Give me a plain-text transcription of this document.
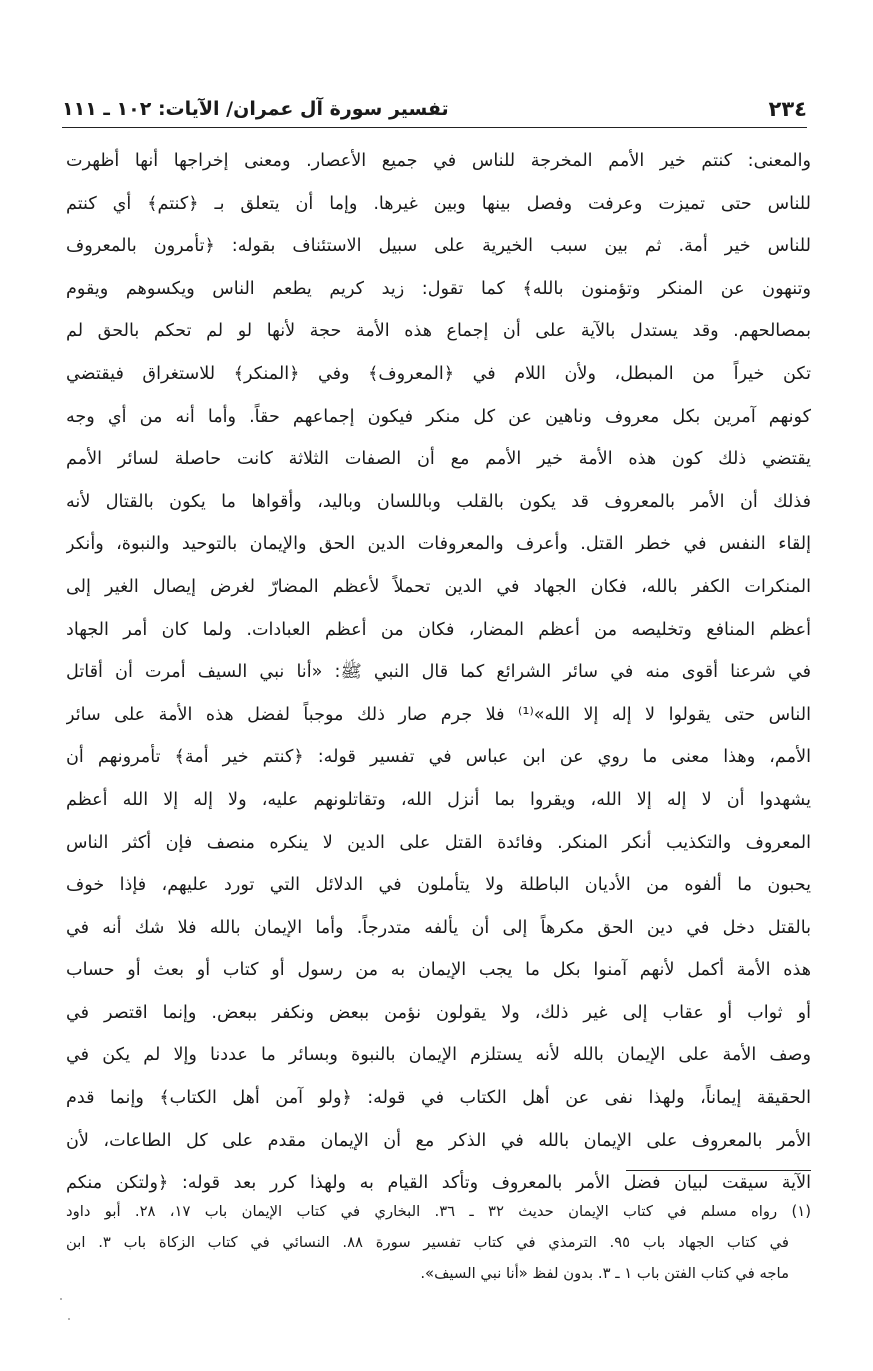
٢٣٤
تفسير سورة آل عمران/ الآيات: ١٠٢ ـ ١١١
والمعنى: كنتم خير الأمم المخرجة للناس في جميع الأعصار. ومعنى إخراجها أنها أظهرت
للناس حتى تميزت وعرفت وفصل بينها وبين غيرها. وإما أن يتعلق بـ ﴿كنتم﴾ أي كنتم
للناس خير أمة. ثم بين سبب الخيرية على سبيل الاستئناف بقوله: ﴿تأمرون بالمعروف
وتنهون عن المنكر وتؤمنون بالله﴾ كما تقول: زيد كريم يطعم الناس ويكسوهم ويقوم
بمصالحهم. وقد يستدل بالآية على أن إجماع هذه الأمة حجة لأنها لو لم تحكم بالحق لم
تكن خيراً من المبطل، ولأن اللام في ﴿المعروف﴾ وفي ﴿المنكر﴾ للاستغراق فيقتضي
كونهم آمرين بكل معروف وناهين عن كل منكر فيكون إجماعهم حقاً. وأما أنه من أي وجه
يقتضي ذلك كون هذه الأمة خير الأمم مع أن الصفات الثلاثة كانت حاصلة لسائر الأمم
فذلك أن الأمر بالمعروف قد يكون بالقلب وباللسان وباليد، وأقواها ما يكون بالقتال لأنه
إلقاء النفس في خطر القتل. وأعرف والمعروفات الدين الحق والإيمان بالتوحيد والنبوة، وأنكر
المنكرات الكفر بالله، فكان الجهاد في الدين تحملاً لأعظم المضارّ لغرض إيصال الغير إلى
أعظم المنافع وتخليصه من أعظم المضار، فكان من أعظم العبادات. ولما كان أمر الجهاد
في شرعنا أقوى منه في سائر الشرائع كما قال النبي ﷺ: «أنا نبي السيف أمرت أن أقاتل
الناس حتى يقولوا لا إله إلا الله»⁽¹⁾ فلا جرم صار ذلك موجباً لفضل هذه الأمة على سائر
الأمم، وهذا معنى ما روي عن ابن عباس في تفسير قوله: ﴿كنتم خير أمة﴾ تأمرونهم أن
يشهدوا أن لا إله إلا الله، ويقروا بما أنزل الله، وتقاتلونهم عليه، ولا إله إلا الله أعظم
المعروف والتكذيب أنكر المنكر. وفائدة القتل على الدين لا ينكره منصف فإن أكثر الناس
يحبون ما ألفوه من الأديان الباطلة ولا يتأملون في الدلائل التي تورد عليهم، فإذا خوف
بالقتل دخل في دين الحق مكرهاً إلى أن يألفه متدرجاً. وأما الإيمان بالله فلا شك أنه في
هذه الأمة أكمل لأنهم آمنوا بكل ما يجب الإيمان به من رسول أو كتاب أو بعث أو حساب
أو ثواب أو عقاب إلى غير ذلك، ولا يقولون نؤمن ببعض ونكفر ببعض. وإنما اقتصر في
وصف الأمة على الإيمان بالله لأنه يستلزم الإيمان بالنبوة وبسائر ما عددنا وإلا لم يكن في
الحقيقة إيماناً، ولهذا نفى عن أهل الكتاب في قوله: ﴿ولو آمن أهل الكتاب﴾ وإنما قدم
الأمر بالمعروف على الإيمان بالله في الذكر مع أن الإيمان مقدم على كل الطاعات، لأن
الآية سيقت لبيان فضل الأمر بالمعروف وتأكد القيام به ولهذا كرر بعد قوله: ﴿ولتكن منكم
(١) رواه مسلم في كتاب الإيمان حديث ٣٢ ـ ٣٦. البخاري في كتاب الإيمان باب ١٧، ٢٨. أبو داود
في كتاب الجهاد باب ٩٥. الترمذي في كتاب تفسير سورة ٨٨. النسائي في كتاب الزكاة باب ٣. ابن
ماجه في كتاب الفتن باب ١ ـ ٣. بدون لفظ «أنا نبي السيف».
